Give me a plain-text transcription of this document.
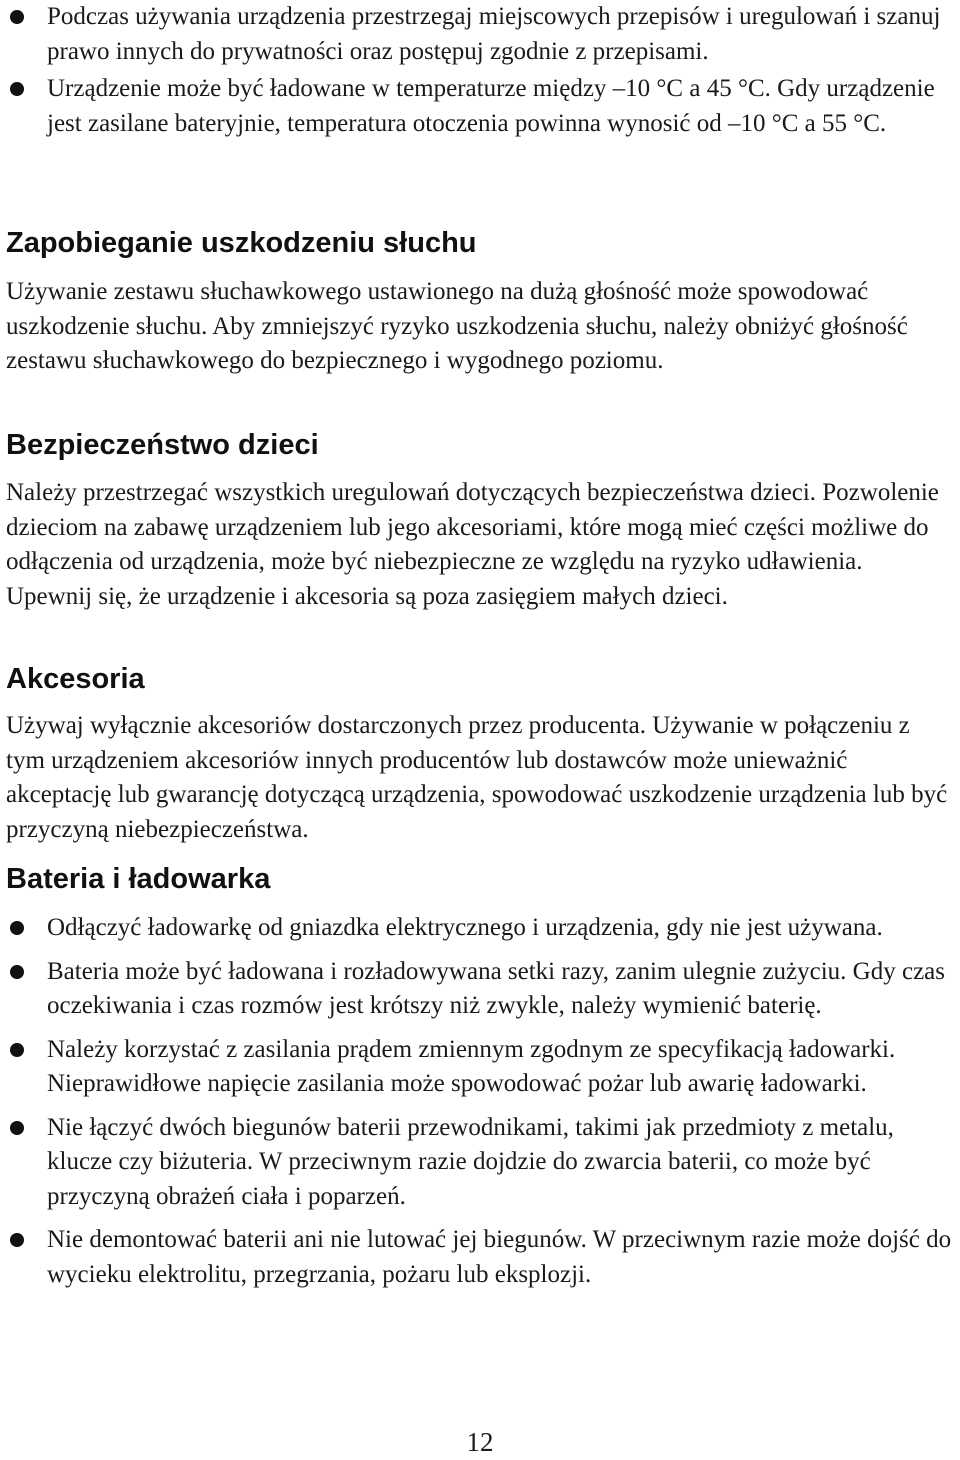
Podczas używania urządzenia przestrzegaj miejscowych przepisów i uregulowań i szanuj prawo innych do prywatności oraz postępuj zgodnie z przepisami.
Urządzenie może być ładowane w temperaturze między –10 °C a 45 °C. Gdy urządzenie jest zasilane bateryjnie, temperatura otoczenia powinna wynosić od –10 °C a 55 °C.
Zapobieganie uszkodzeniu słuchu

Używanie zestawu słuchawkowego ustawionego na dużą głośność może spowodować uszkodzenie słuchu. Aby zmniejszyć ryzyko uszkodzenia słuchu, należy obniżyć głośność zestawu słuchawkowego do bezpiecznego i wygodnego poziomu.

Bezpieczeństwo dzieci

Należy przestrzegać wszystkich uregulowań dotyczących bezpieczeństwa dzieci. Pozwolenie dzieciom na zabawę urządzeniem lub jego akcesoriami, które mogą mieć części możliwe do odłączenia od urządzenia, może być niebezpieczne ze względu na ryzyko udławienia. Upewnij się, że urządzenie i akcesoria są poza zasięgiem małych dzieci.

Akcesoria

Używaj wyłącznie akcesoriów dostarczonych przez producenta. Używanie w połączeniu z tym urządzeniem akcesoriów innych producentów lub dostawców może unieważnić akceptację lub gwarancję dotyczącą urządzenia, spowodować uszkodzenie urządzenia lub być przyczyną niebezpieczeństwa.

Bateria i ładowarka
Odłączyć ładowarkę od gniazdka elektrycznego i urządzenia, gdy nie jest używana.
Bateria może być ładowana i rozładowywana setki razy, zanim ulegnie zużyciu. Gdy czas oczekiwania i czas rozmów jest krótszy niż zwykle, należy wymienić baterię.
Należy korzystać z zasilania prądem zmiennym zgodnym ze specyfikacją ładowarki. Nieprawidłowe napięcie zasilania może spowodować pożar lub awarię ładowarki.
Nie łączyć dwóch biegunów baterii przewodnikami, takimi jak przedmioty z metalu, klucze czy biżuteria. W przeciwnym razie dojdzie do zwarcia baterii, co może być przyczyną obrażeń ciała i poparzeń.
Nie demontować baterii ani nie lutować jej biegunów. W przeciwnym razie może dojść do wycieku elektrolitu, przegrzania, pożaru lub eksplozji.
12
